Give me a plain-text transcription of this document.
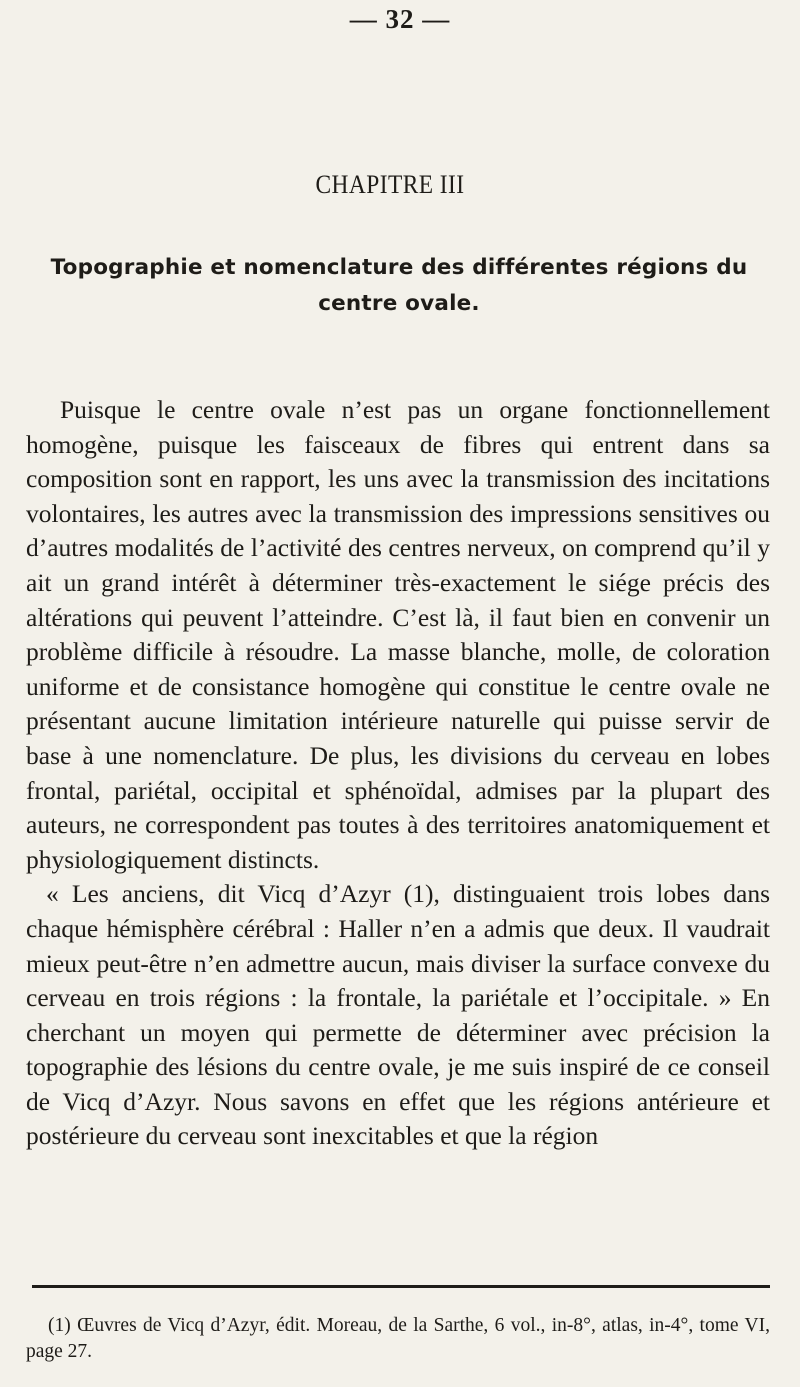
— 32 —
CHAPITRE III
Topographie et nomenclature des différentes régions du centre ovale.

Puisque le centre ovale n’est pas un organe fonctionnellement homogène, puisque les faisceaux de fibres qui entrent dans sa composition sont en rapport, les uns avec la transmission des incitations volontaires, les autres avec la transmission des impressions sensitives ou d’autres modalités de l’activité des centres nerveux, on comprend qu’il y ait un grand intérêt à déterminer très-exactement le siége précis des altérations qui peuvent l’atteindre. C’est là, il faut bien en convenir un problème difficile à résoudre. La masse blanche, molle, de coloration uniforme et de consistance homogène qui constitue le centre ovale ne présentant aucune limitation intérieure naturelle qui puisse servir de base à une nomenclature. De plus, les divisions du cerveau en lobes frontal, pariétal, occipital et sphénoïdal, admises par la plupart des auteurs, ne correspondent pas toutes à des territoires anatomiquement et physiologiquement distincts.

« Les anciens, dit Vicq d’Azyr (1), distinguaient trois lobes dans chaque hémisphère cérébral : Haller n’en a admis que deux. Il vaudrait mieux peut-être n’en admettre aucun, mais diviser la surface convexe du cerveau en trois régions : la frontale, la pariétale et l’occipitale. » En cherchant un moyen qui permette de déterminer avec précision la topographie des lésions du centre ovale, je me suis inspiré de ce conseil de Vicq d’Azyr. Nous savons en effet que les régions antérieure et postérieure du cerveau sont inexcitables et que la région

(1) Œuvres de Vicq d’Azyr, édit. Moreau, de la Sarthe, 6 vol., in-8°, atlas, in-4°, tome VI, page 27.
